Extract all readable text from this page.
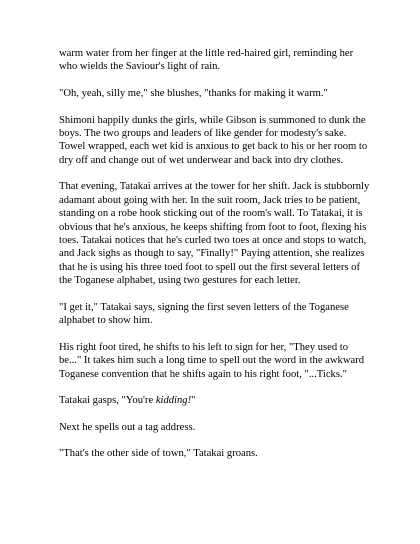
warm water from her finger at the little red-haired girl, reminding her who wields the Saviour's light of rain.

"Oh, yeah, silly me," she blushes, "thanks for making it warm."

Shimoni happily dunks the girls, while Gibson is summoned to dunk the boys. The two groups and leaders of like gender for modesty's sake. Towel wrapped, each wet kid is anxious to get back to his or her room to dry off and change out of wet underwear and back into dry clothes.

That evening, Tatakai arrives at the tower for her shift. Jack is stubbornly adamant about going with her. In the suit room, Jack tries to be patient, standing on a robe hook sticking out of the room's wall. To Tatakai, it is obvious that he's anxious, he keeps shifting from foot to foot, flexing his toes. Tatakai notices that he's curled two toes at once and stops to watch, and Jack sighs as though to say, "Finally!" Paying attention, she realizes that he is using his three toed foot to spell out the first several letters of the Toganese alphabet, using two gestures for each letter.

"I get it," Tatakai says, signing the first seven letters of the Toganese alphabet to show him.

His right foot tired, he shifts to his left to sign for her, "They used to be..." It takes him such a long time to spell out the word in the awkward Toganese convention that he shifts again to his right foot, "...Ticks."

Tatakai gasps, "You're kidding!"

Next he spells out a tag address.

"That's the other side of town," Tatakai groans.
